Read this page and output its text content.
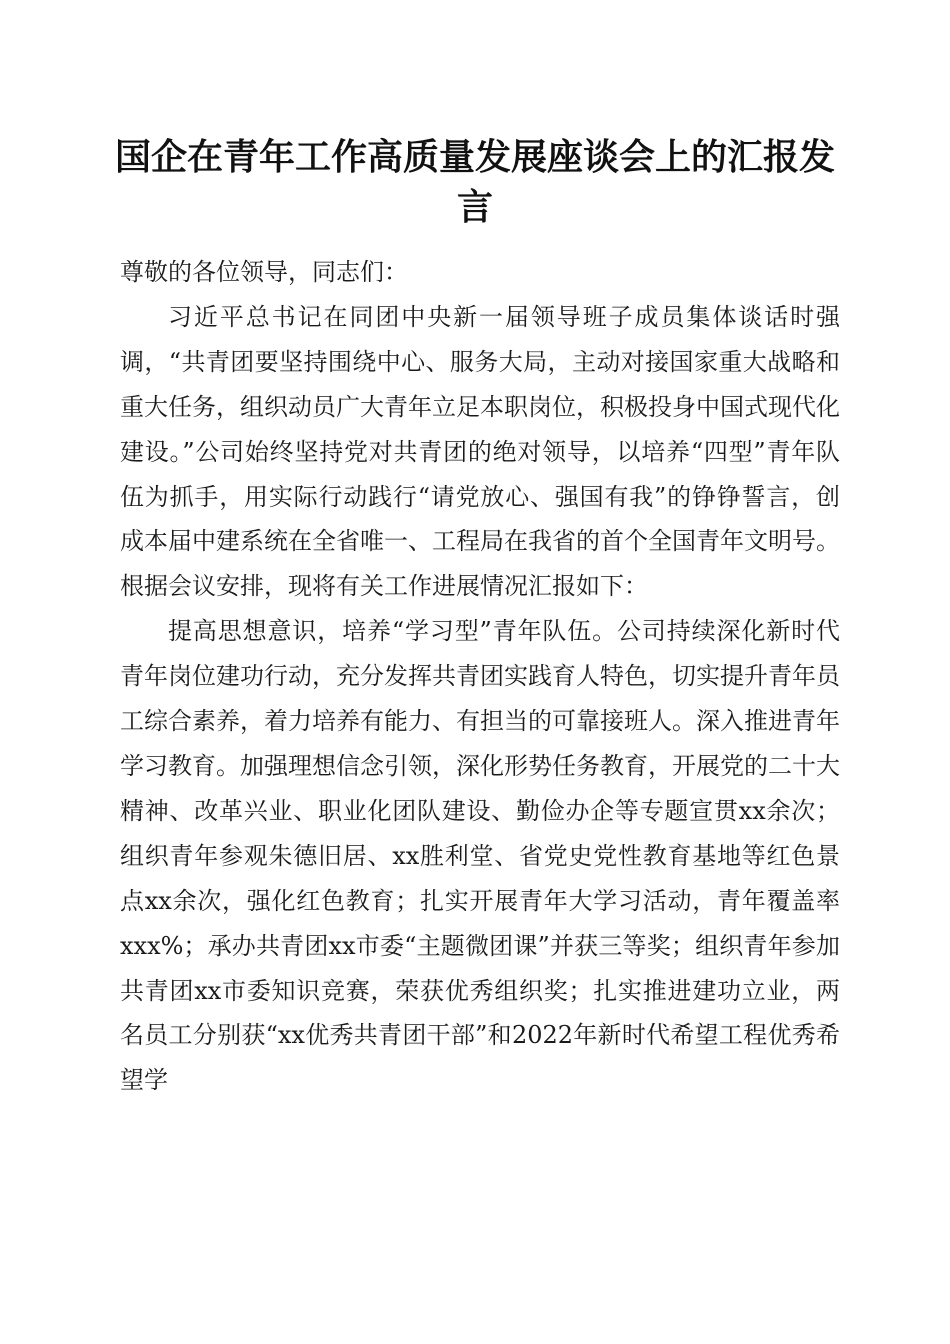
国企在青年工作高质量发展座谈会上的汇报发言

尊敬的各位领导，同志们：

习近平总书记在同团中央新一届领导班子成员集体谈话时强调，“共青团要坚持围绕中心、服务大局，主动对接国家重大战略和重大任务，组织动员广大青年立足本职岗位，积极投身中国式现代化建设。”公司始终坚持党对共青团的绝对领导，以培养“四型”青年队伍为抓手，用实际行动践行“请党放心、强国有我”的铮铮誓言，创成本届中建系统在全省唯一、工程局在我省的首个全国青年文明号。根据会议安排，现将有关工作进展情况汇报如下：

提高思想意识，培养“学习型”青年队伍。公司持续深化新时代青年岗位建功行动，充分发挥共青团实践育人特色，切实提升青年员工综合素养，着力培养有能力、有担当的可靠接班人。深入推进青年学习教育。加强理想信念引领，深化形势任务教育，开展党的二十大精神、改革兴业、职业化团队建设、勤俭办企等专题宣贯xx余次；组织青年参观朱德旧居、xx胜利堂、省党史党性教育基地等红色景点xx余次，强化红色教育；扎实开展青年大学习活动，青年覆盖率xxx%；承办共青团xx市委“主题微团课”并获三等奖；组织青年参加共青团xx市委知识竞赛，荣获优秀组织奖；扎实推进建功立业，两名员工分别获“xx优秀共青团干部”和2022年新时代希望工程优秀希望学
